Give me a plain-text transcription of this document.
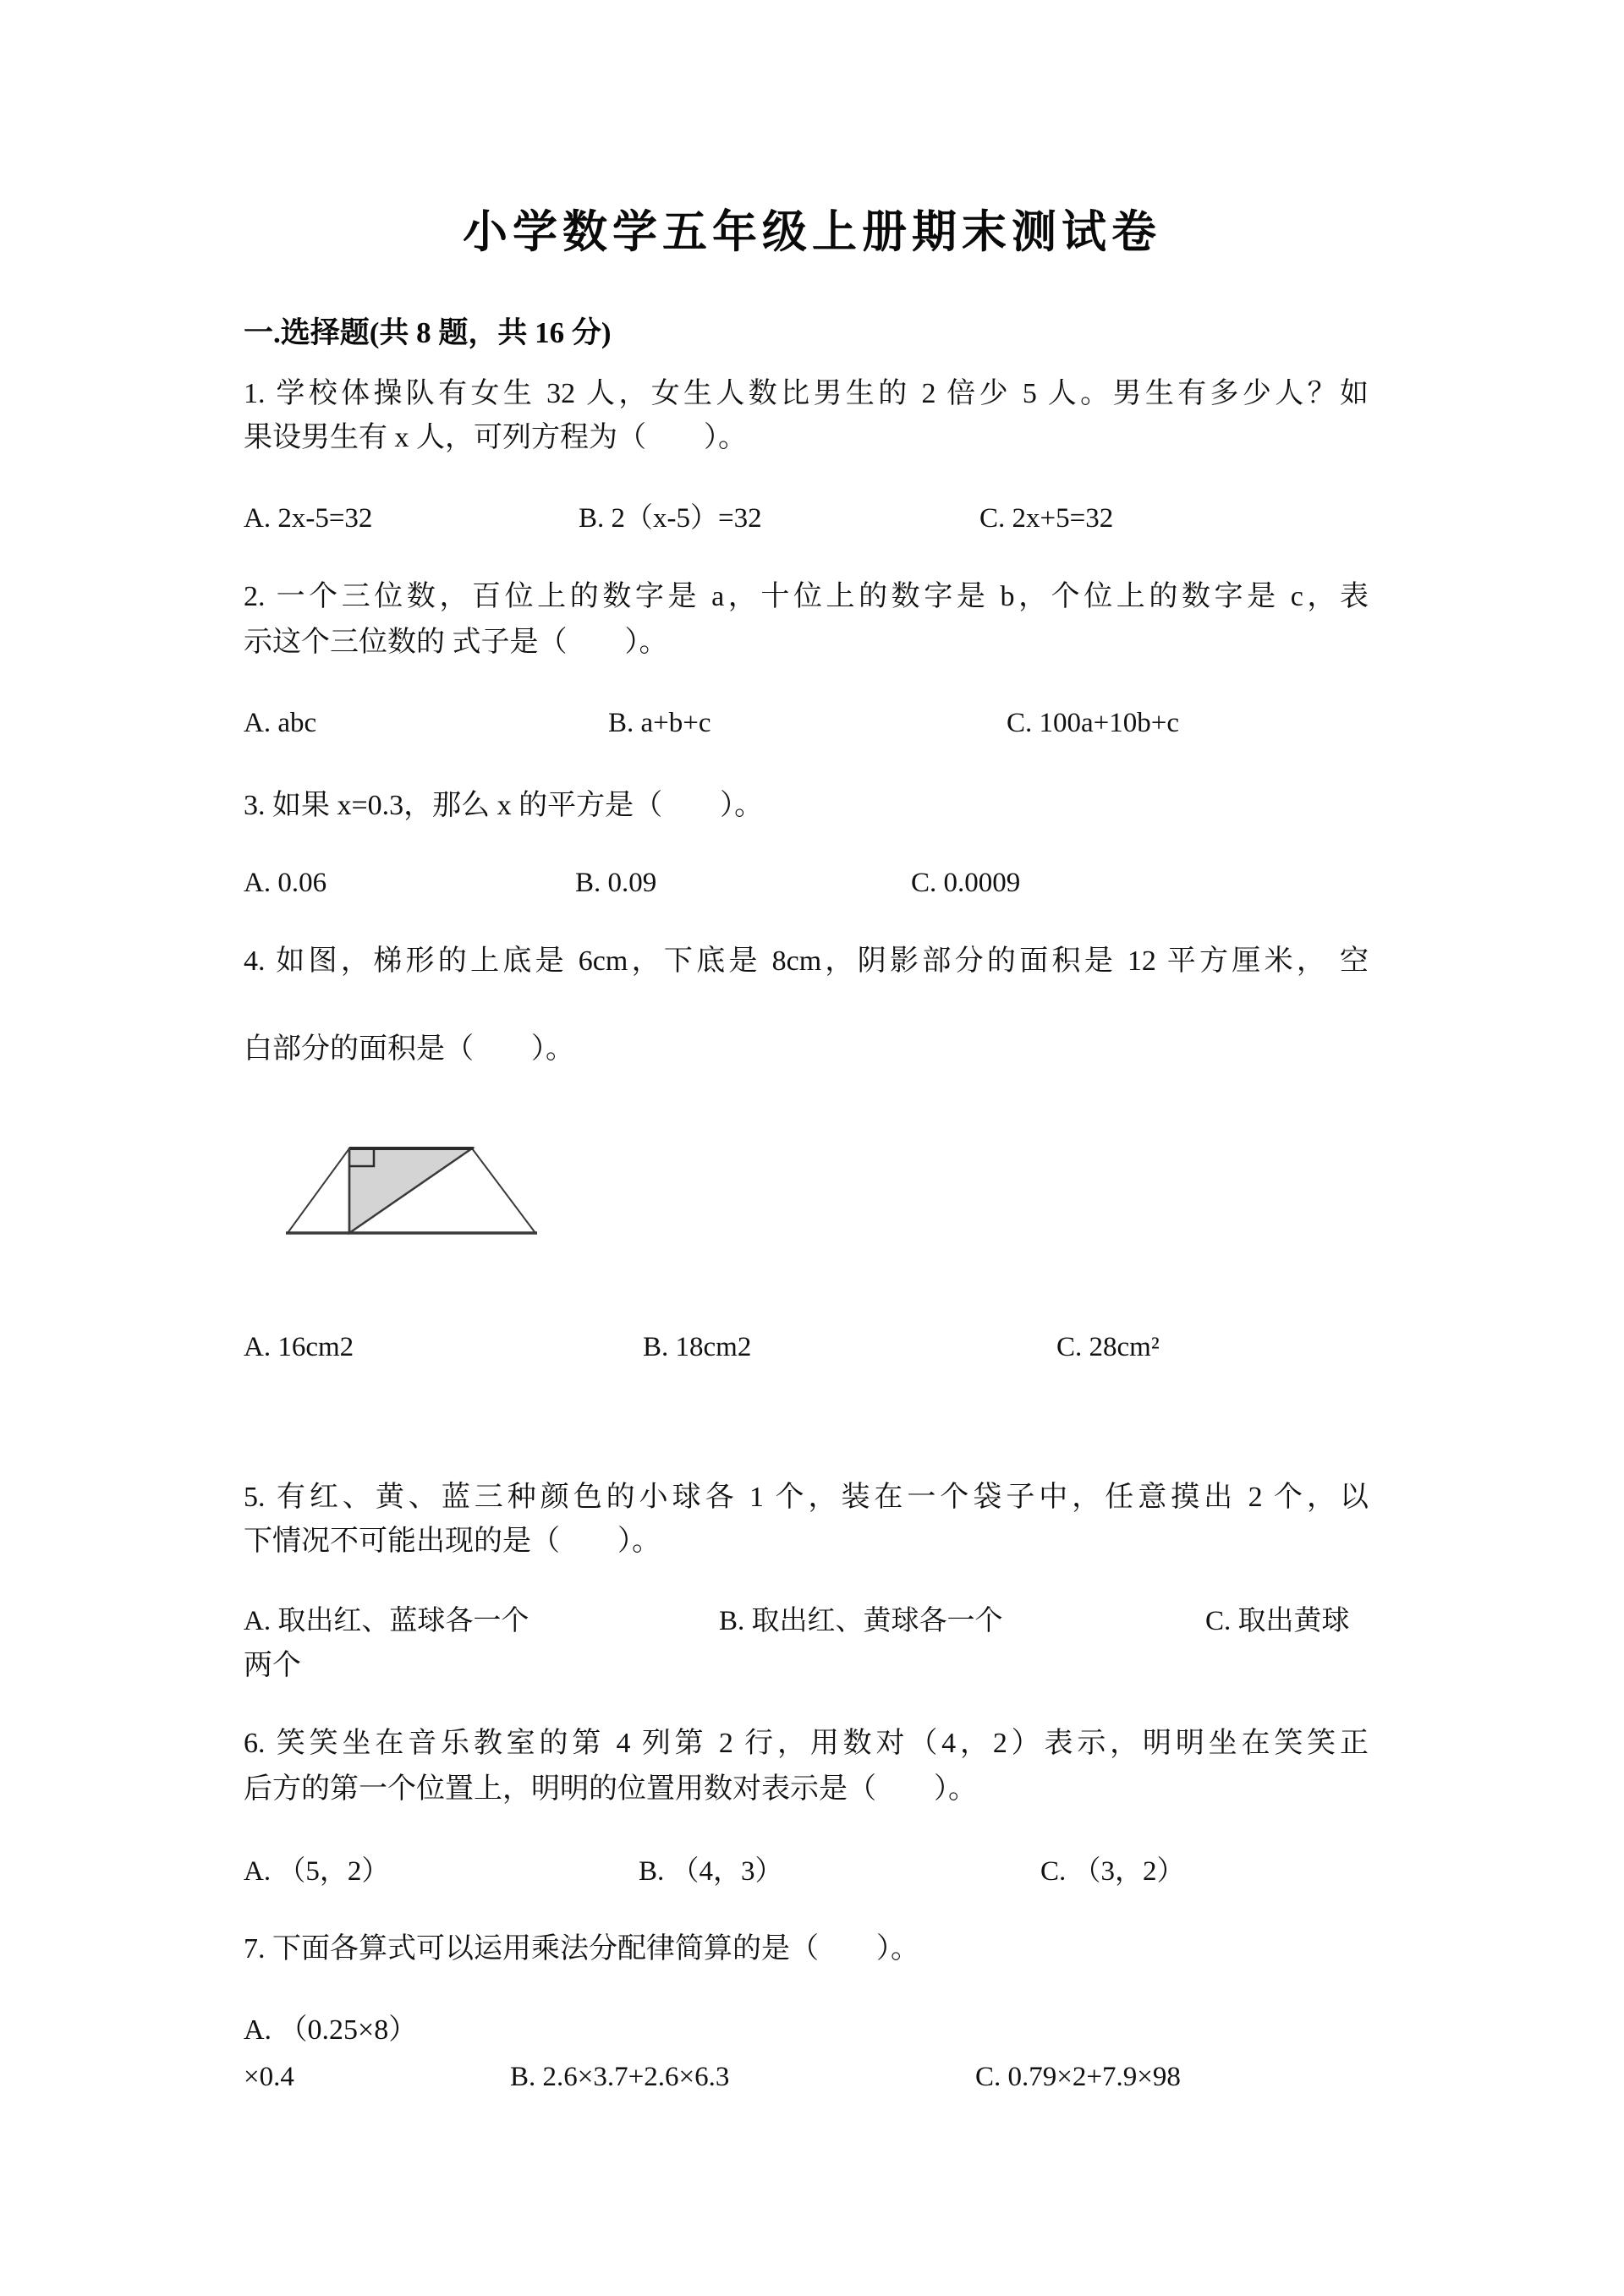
小学数学五年级上册期末测试卷
一.选择题(共 8 题，共 16 分)
1. 学校体操队有女生 32 人，女生人数比男生的 2 倍少 5 人。男生有多少人？如
果设男生有 x 人，可列方程为（　　）。
A. 2x-5=32	B. 2（x-5）=32	C. 2x+5=32
2. 一个三位数，百位上的数字是 a，十位上的数字是 b，个位上的数字是 c，表
示这个三位数的 式子是（　　）。
A. abc	B. a+b+c	C. 100a+10b+c
3. 如果 x=0.3，那么 x 的平方是（　　）。
A. 0.06	B. 0.09	C. 0.0009
4. 如图，梯形的上底是 6cm，下底是 8cm，阴影部分的面积是 12 平方厘米， 空
白部分的面积是（　　）。
A. 16cm2	B. 18cm2	C. 28cm²
5. 有红、黄、蓝三种颜色的小球各 1 个，装在一个袋子中，任意摸出 2 个，以
下情况不可能出现的是（　　）。
A. 取出红、蓝球各一个	B. 取出红、黄球各一个	C. 取出黄球
两个
6. 笑笑坐在音乐教室的第 4 列第 2 行，用数对（4，2）表示，明明坐在笑笑正
后方的第一个位置上，明明的位置用数对表示是（　　）。
A. （5，2）	B. （4，3）	C. （3，2）
7. 下面各算式可以运用乘法分配律简算的是（　　）。
A. （0.25×8）
×0.4	B. 2.6×3.7+2.6×6.3	C. 0.79×2+7.9×98
